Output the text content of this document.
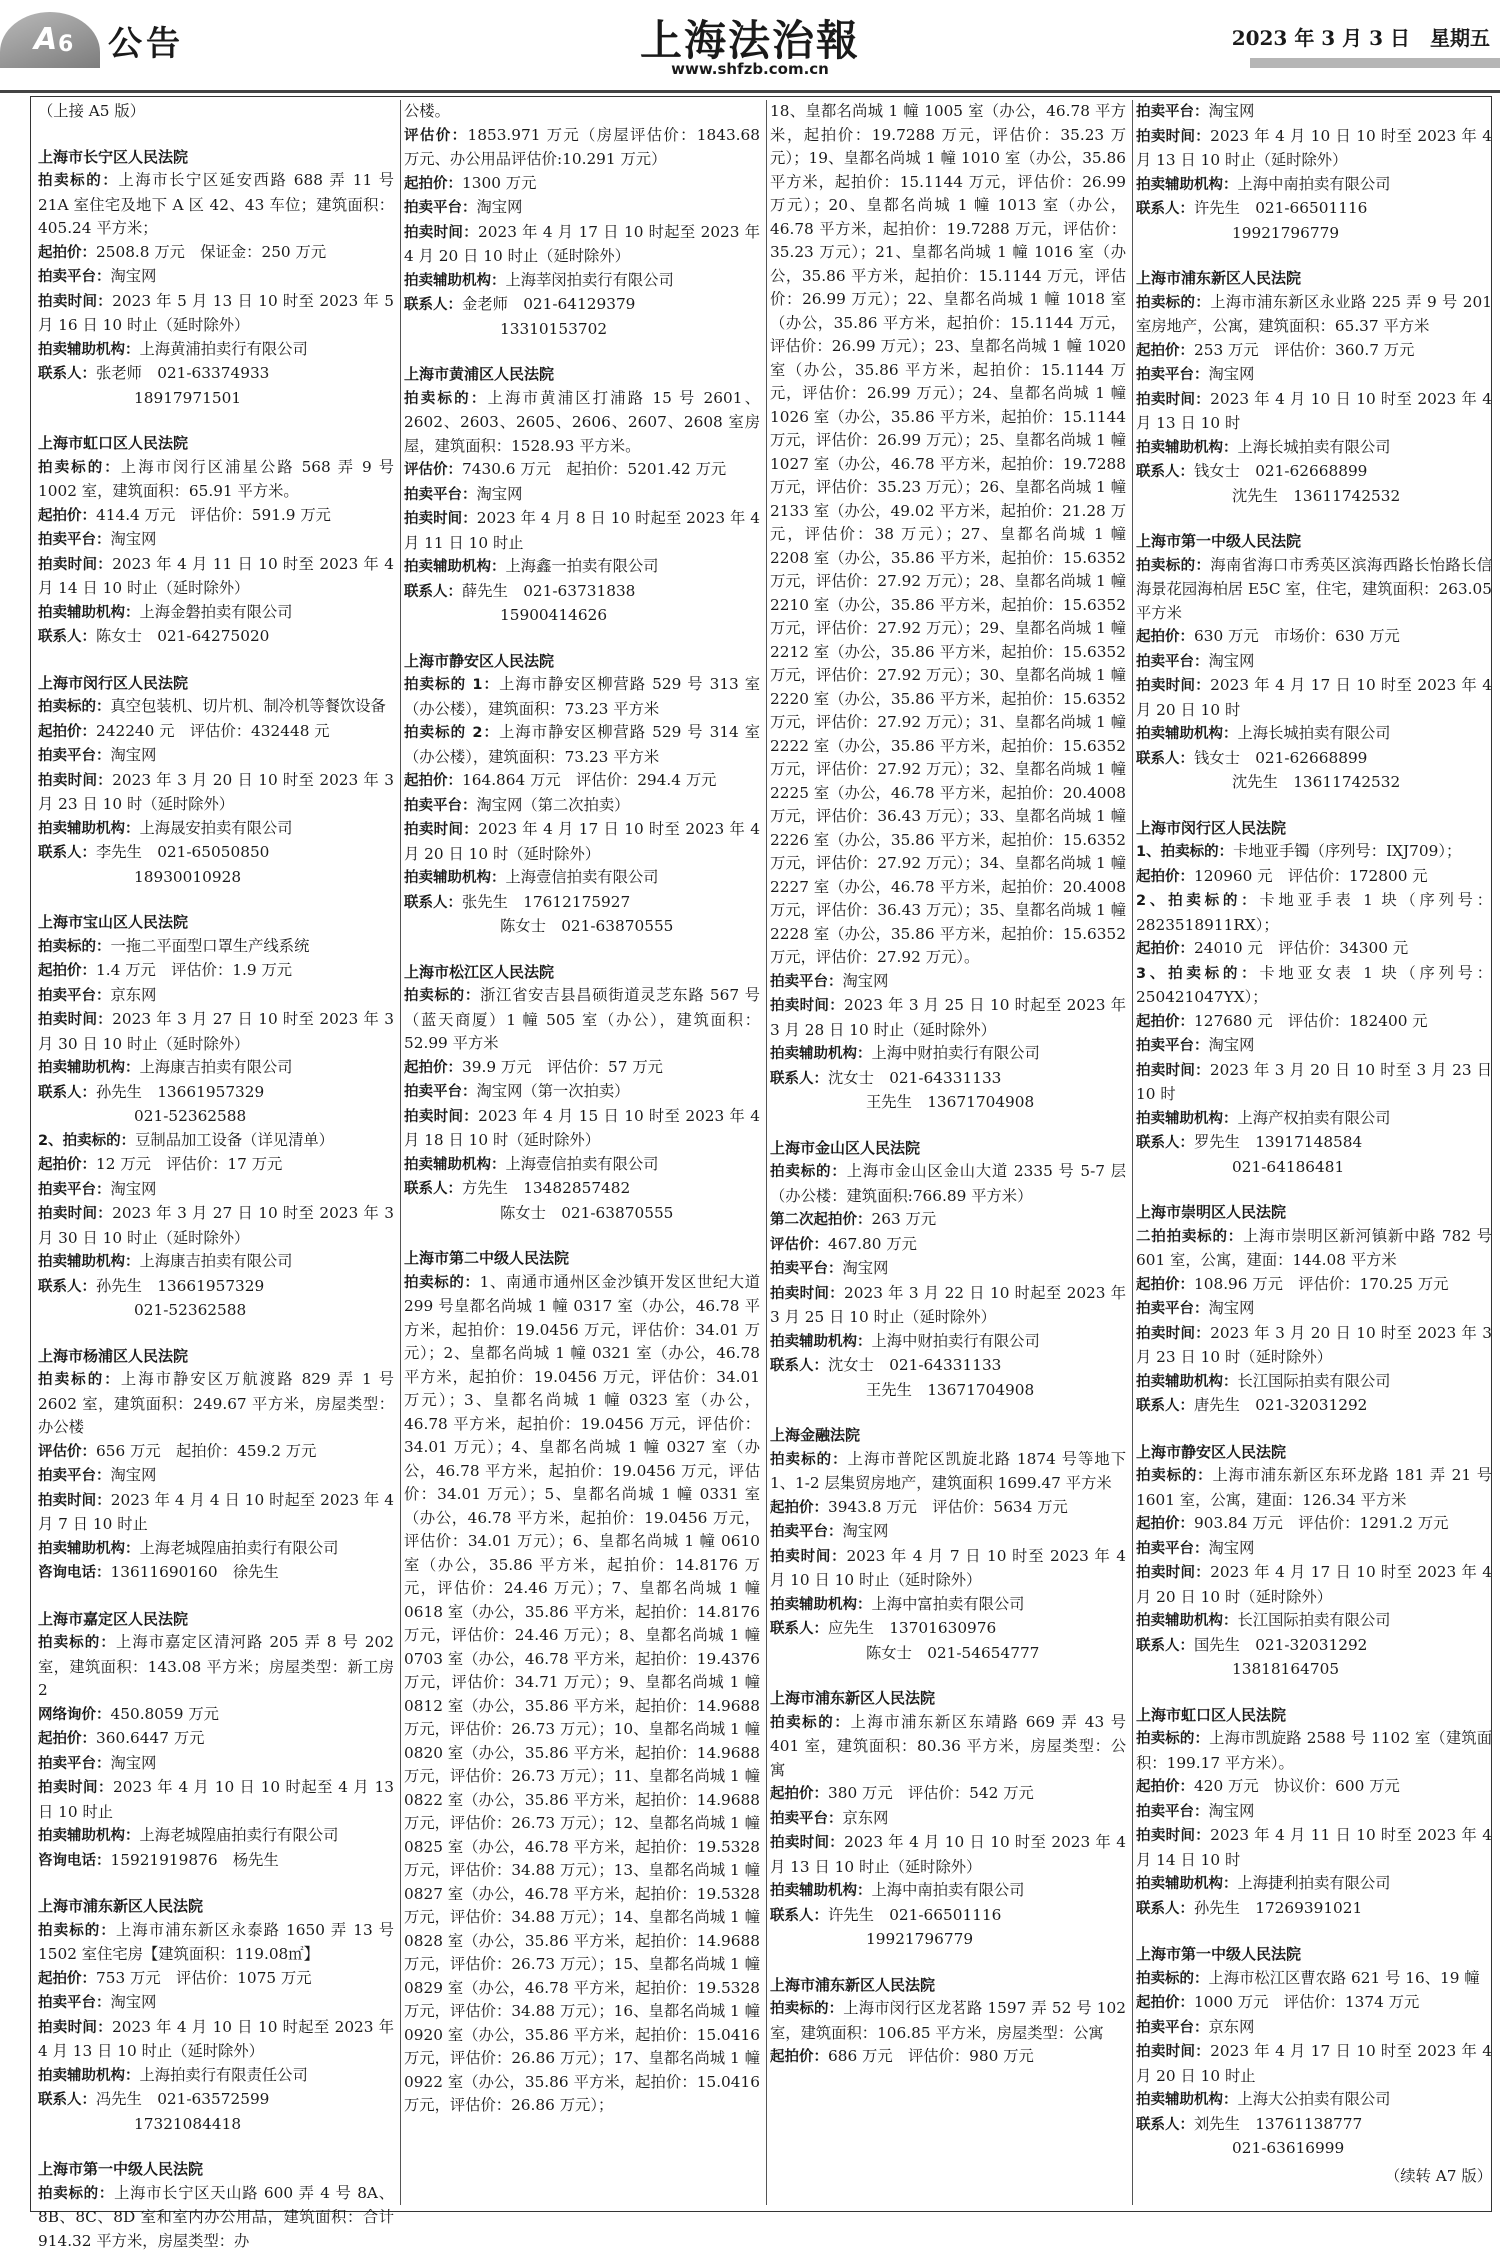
A 6 公告	上海法治報
www.shfzb.com.cn
2023 年 3 月 3 日　星期五

（上接 A5 版）

上海市长宁区人民法院

拍卖标的：上海市长宁区延安西路 688 弄 11 号 21A 室住宅及地下 A 区 42、43 车位；建筑面积：405.24 平方米；

起拍价：2508.8 万元　保证金：250 万元

拍卖平台：淘宝网

拍卖时间：2023 年 5 月 13 日 10 时至 2023 年 5 月 16 日 10 时止（延时除外）

拍卖辅助机构：上海黄浦拍卖行有限公司

联系人：张老师　021-63374933

18917971501

上海市虹口区人民法院

拍卖标的：上海市闵行区浦星公路 568 弄 9 号 1002 室，建筑面积：65.91 平方米。

起拍价：414.4 万元　评估价：591.9 万元

拍卖平台：淘宝网

拍卖时间：2023 年 4 月 11 日 10 时至 2023 年 4 月 14 日 10 时止（延时除外）

拍卖辅助机构：上海金磐拍卖有限公司

联系人：陈女士　021-64275020

上海市闵行区人民法院

拍卖标的：真空包装机、切片机、制冷机等餐饮设备

起拍价：242240 元　评估价：432448 元

拍卖平台：淘宝网

拍卖时间：2023 年 3 月 20 日 10 时至 2023 年 3 月 23 日 10 时（延时除外）

拍卖辅助机构：上海晟安拍卖有限公司

联系人：李先生　021-65050850

18930010928

上海市宝山区人民法院

拍卖标的：一拖二平面型口罩生产线系统

起拍价：1.4 万元　评估价：1.9 万元

拍卖平台：京东网

拍卖时间：2023 年 3 月 27 日 10 时至 2023 年 3 月 30 日 10 时止（延时除外）

拍卖辅助机构：上海康吉拍卖有限公司

联系人：孙先生　13661957329

021-52362588

2、拍卖标的：豆制品加工设备（详见清单）

起拍价：12 万元　评估价：17 万元

拍卖平台：淘宝网

拍卖时间：2023 年 3 月 27 日 10 时至 2023 年 3 月 30 日 10 时止（延时除外）

拍卖辅助机构：上海康吉拍卖有限公司

联系人：孙先生　13661957329

021-52362588

上海市杨浦区人民法院

拍卖标的：上海市静安区万航渡路 829 弄 1 号 2602 室，建筑面积：249.67 平方米，房屋类型：办公楼

评估价：656 万元　起拍价：459.2 万元

拍卖平台：淘宝网

拍卖时间：2023 年 4 月 4 日 10 时起至 2023 年 4 月 7 日 10 时止

拍卖辅助机构：上海老城隍庙拍卖行有限公司

咨询电话：13611690160　徐先生

上海市嘉定区人民法院

拍卖标的：上海市嘉定区清河路 205 弄 8 号 202 室，建筑面积：143.08 平方米；房屋类型：新工房 2

网络询价：450.8059 万元

起拍价：360.6447 万元

拍卖平台：淘宝网

拍卖时间：2023 年 4 月 10 日 10 时起至 4 月 13 日 10 时止

拍卖辅助机构：上海老城隍庙拍卖行有限公司

咨询电话：15921919876　杨先生

上海市浦东新区人民法院

拍卖标的：上海市浦东新区永泰路 1650 弄 13 号 1502 室住宅房【建筑面积：119.08㎡】

起拍价：753 万元　评估价：1075 万元

拍卖平台：淘宝网

拍卖时间：2023 年 4 月 10 日 10 时起至 2023 年 4 月 13 日 10 时止（延时除外）

拍卖辅助机构：上海拍卖行有限责任公司

联系人：冯先生　021-63572599

17321084418

上海市第一中级人民法院

拍卖标的：上海市长宁区天山路 600 弄 4 号 8A、8B、8C、8D 室和室内办公用品，建筑面积：合计 914.32 平方米，房屋类型：办

公楼。

评估价：1853.971 万元（房屋评估价：1843.68 万元、办公用品评估价:10.291 万元）

起拍价：1300 万元

拍卖平台：淘宝网

拍卖时间：2023 年 4 月 17 日 10 时起至 2023 年 4 月 20 日 10 时止（延时除外）

拍卖辅助机构：上海莘闵拍卖行有限公司

联系人：金老师　021-64129379

13310153702

上海市黄浦区人民法院

拍卖标的：上海市黄浦区打浦路 15 号 2601、2602、2603、2605、2606、2607、2608 室房屋，建筑面积：1528.93 平方米。

评估价：7430.6 万元　起拍价：5201.42 万元

拍卖平台：淘宝网

拍卖时间：2023 年 4 月 8 日 10 时起至 2023 年 4 月 11 日 10 时止

拍卖辅助机构：上海鑫一拍卖有限公司

联系人：薛先生　021-63731838

15900414626

上海市静安区人民法院

拍卖标的 1：上海市静安区柳营路 529 号 313 室（办公楼），建筑面积：73.23 平方米

拍卖标的 2：上海市静安区柳营路 529 号 314 室（办公楼），建筑面积：73.23 平方米

起拍价：164.864 万元　评估价：294.4 万元

拍卖平台：淘宝网（第二次拍卖）

拍卖时间：2023 年 4 月 17 日 10 时至 2023 年 4 月 20 日 10 时（延时除外）

拍卖辅助机构：上海壹信拍卖有限公司

联系人：张先生　17612175927

陈女士　021-63870555

上海市松江区人民法院

拍卖标的：浙江省安吉县昌硕街道灵芝东路 567 号（蓝天商厦）1 幢 505 室（办公），建筑面积：52.99 平方米

起拍价：39.9 万元　评估价：57 万元

拍卖平台：淘宝网（第一次拍卖）

拍卖时间：2023 年 4 月 15 日 10 时至 2023 年 4 月 18 日 10 时（延时除外）

拍卖辅助机构：上海壹信拍卖有限公司

联系人：方先生　13482857482

陈女士　021-63870555

上海市第二中级人民法院

拍卖标的：1、南通市通州区金沙镇开发区世纪大道 299 号皇都名尚城 1 幢 0317 室（办公，46.78 平方米，起拍价：19.0456 万元，评估价：34.01 万元）；2、皇都名尚城 1 幢 0321 室（办公，46.78 平方米，起拍价：19.0456 万元，评估价：34.01 万元）；3、皇都名尚城 1 幢 0323 室（办公，46.78 平方米，起拍价：19.0456 万元，评估价：34.01 万元）；4、皇都名尚城 1 幢 0327 室（办公，46.78 平方米，起拍价：19.0456 万元，评估价：34.01 万元）；5、皇都名尚城 1 幢 0331 室（办公，46.78 平方米，起拍价：19.0456 万元，评估价：34.01 万元）；6、皇都名尚城 1 幢 0610 室（办公，35.86 平方米，起拍价：14.8176 万元，评估价：24.46 万元）；7、皇都名尚城 1 幢 0618 室（办公，35.86 平方米，起拍价：14.8176 万元，评估价：24.46 万元）；8、皇都名尚城 1 幢 0703 室（办公，46.78 平方米，起拍价：19.4376 万元，评估价：34.71 万元）；9、皇都名尚城 1 幢 0812 室（办公，35.86 平方米，起拍价：14.9688 万元，评估价：26.73 万元）；10、皇都名尚城 1 幢 0820 室（办公，35.86 平方米，起拍价：14.9688 万元，评估价：26.73 万元）；11、皇都名尚城 1 幢 0822 室（办公，35.86 平方米，起拍价：14.9688 万元，评估价：26.73 万元）；12、皇都名尚城 1 幢 0825 室（办公，46.78 平方米，起拍价：19.5328 万元，评估价：34.88 万元）；13、皇都名尚城 1 幢 0827 室（办公，46.78 平方米，起拍价：19.5328 万元，评估价：34.88 万元）；14、皇都名尚城 1 幢 0828 室（办公，35.86 平方米，起拍价：14.9688 万元，评估价：26.73 万元）；15、皇都名尚城 1 幢 0829 室（办公，46.78 平方米，起拍价：19.5328 万元，评估价：34.88 万元）；16、皇都名尚城 1 幢 0920 室（办公，35.86 平方米，起拍价：15.0416 万元，评估价：26.86 万元）；17、皇都名尚城 1 幢 0922 室（办公，35.86 平方米，起拍价：15.0416 万元，评估价：26.86 万元）；

18、皇都名尚城 1 幢 1005 室（办公，46.78 平方米，起拍价：19.7288 万元，评估价：35.23 万元）；19、皇都名尚城 1 幢 1010 室（办公，35.86 平方米，起拍价：15.1144 万元，评估价：26.99 万元）；20、皇都名尚城 1 幢 1013 室（办公，46.78 平方米，起拍价：19.7288 万元，评估价：35.23 万元）；21、皇都名尚城 1 幢 1016 室（办公，35.86 平方米，起拍价：15.1144 万元，评估价：26.99 万元）；22、皇都名尚城 1 幢 1018 室（办公，35.86 平方米，起拍价：15.1144 万元，评估价：26.99 万元）；23、皇都名尚城 1 幢 1020 室（办公，35.86 平方米，起拍价：15.1144 万元，评估价：26.99 万元）；24、皇都名尚城 1 幢 1026 室（办公，35.86 平方米，起拍价：15.1144 万元，评估价：26.99 万元）；25、皇都名尚城 1 幢 1027 室（办公，46.78 平方米，起拍价：19.7288 万元，评估价：35.23 万元）；26、皇都名尚城 1 幢 2133 室（办公，49.02 平方米，起拍价：21.28 万元，评估价：38 万元）；27、皇都名尚城 1 幢 2208 室（办公，35.86 平方米，起拍价：15.6352 万元，评估价：27.92 万元）；28、皇都名尚城 1 幢 2210 室（办公，35.86 平方米，起拍价：15.6352 万元，评估价：27.92 万元）；29、皇都名尚城 1 幢 2212 室（办公，35.86 平方米，起拍价：15.6352 万元，评估价：27.92 万元）；30、皇都名尚城 1 幢 2220 室（办公，35.86 平方米，起拍价：15.6352 万元，评估价：27.92 万元）；31、皇都名尚城 1 幢 2222 室（办公，35.86 平方米，起拍价：15.6352 万元，评估价：27.92 万元）；32、皇都名尚城 1 幢 2225 室（办公，46.78 平方米，起拍价：20.4008 万元，评估价：36.43 万元）；33、皇都名尚城 1 幢 2226 室（办公，35.86 平方米，起拍价：15.6352 万元，评估价：27.92 万元）；34、皇都名尚城 1 幢 2227 室（办公，46.78 平方米，起拍价：20.4008 万元，评估价：36.43 万元）；35、皇都名尚城 1 幢 2228 室（办公，35.86 平方米，起拍价：15.6352 万元，评估价：27.92 万元）。

拍卖平台：淘宝网

拍卖时间：2023 年 3 月 25 日 10 时起至 2023 年 3 月 28 日 10 时止（延时除外）

拍卖辅助机构：上海中财拍卖行有限公司

联系人：沈女士　021-64331133

王先生　13671704908

上海市金山区人民法院

拍卖标的：上海市金山区金山大道 2335 号 5-7 层（办公楼：建筑面积:766.89 平方米）

第二次起拍价：263 万元

评估价：467.80 万元

拍卖平台：淘宝网

拍卖时间：2023 年 3 月 22 日 10 时起至 2023 年 3 月 25 日 10 时止（延时除外）

拍卖辅助机构：上海中财拍卖行有限公司

联系人：沈女士　021-64331133

王先生　13671704908

上海金融法院

拍卖标的：上海市普陀区凯旋北路 1874 号等地下 1、1-2 层集贸房地产，建筑面积 1699.47 平方米

起拍价：3943.8 万元　评估价：5634 万元

拍卖平台：淘宝网

拍卖时间：2023 年 4 月 7 日 10 时至 2023 年 4 月 10 日 10 时止（延时除外）

拍卖辅助机构：上海中富拍卖有限公司

联系人：应先生　13701630976

陈女士　021-54654777

上海市浦东新区人民法院

拍卖标的：上海市浦东新区东靖路 669 弄 43 号 401 室，建筑面积：80.36 平方米，房屋类型：公寓

起拍价：380 万元　评估价：542 万元

拍卖平台：京东网

拍卖时间：2023 年 4 月 10 日 10 时至 2023 年 4 月 13 日 10 时止（延时除外）

拍卖辅助机构：上海中南拍卖有限公司

联系人：许先生　021-66501116

19921796779

上海市浦东新区人民法院

拍卖标的：上海市闵行区龙茗路 1597 弄 52 号 102 室，建筑面积：106.85 平方米，房屋类型：公寓

起拍价：686 万元　评估价：980 万元

拍卖平台：淘宝网

拍卖时间：2023 年 4 月 10 日 10 时至 2023 年 4 月 13 日 10 时止（延时除外）

拍卖辅助机构：上海中南拍卖有限公司

联系人：许先生　021-66501116

19921796779

上海市浦东新区人民法院

拍卖标的：上海市浦东新区永业路 225 弄 9 号 201 室房地产，公寓，建筑面积：65.37 平方米

起拍价：253 万元　评估价：360.7 万元

拍卖平台：淘宝网

拍卖时间：2023 年 4 月 10 日 10 时至 2023 年 4 月 13 日 10 时

拍卖辅助机构：上海长城拍卖有限公司

联系人：钱女士　021-62668899

沈先生　13611742532

上海市第一中级人民法院

拍卖标的：海南省海口市秀英区滨海西路长怡路长信海景花园海柏居 E5C 室，住宅，建筑面积：263.05 平方米

起拍价：630 万元　市场价：630 万元

拍卖平台：淘宝网

拍卖时间：2023 年 4 月 17 日 10 时至 2023 年 4 月 20 日 10 时

拍卖辅助机构：上海长城拍卖有限公司

联系人：钱女士　021-62668899

沈先生　13611742532

上海市闵行区人民法院

1、拍卖标的：卡地亚手镯（序列号：IXJ709）；

起拍价：120960 元　评估价：172800 元

2、拍卖标的：卡地亚手表 1 块（序列号：2823518911RX）；

起拍价：24010 元　评估价：34300 元

3、拍卖标的：卡地亚女表 1 块（序列号：250421047YX）；

起拍价：127680 元　评估价：182400 元

拍卖平台：淘宝网

拍卖时间：2023 年 3 月 20 日 10 时至 3 月 23 日 10 时

拍卖辅助机构：上海产权拍卖有限公司

联系人：罗先生　13917148584

021-64186481

上海市崇明区人民法院

二拍拍卖标的：上海市崇明区新河镇新中路 782 号 601 室，公寓，建面：144.08 平方米

起拍价：108.96 万元　评估价：170.25 万元

拍卖平台：淘宝网

拍卖时间：2023 年 3 月 20 日 10 时至 2023 年 3 月 23 日 10 时（延时除外）

拍卖辅助机构：长江国际拍卖有限公司

联系人：唐先生　021-32031292

上海市静安区人民法院

拍卖标的：上海市浦东新区东环龙路 181 弄 21 号 1601 室，公寓，建面：126.34 平方米

起拍价：903.84 万元　评估价：1291.2 万元

拍卖平台：淘宝网

拍卖时间：2023 年 4 月 17 日 10 时至 2023 年 4 月 20 日 10 时（延时除外）

拍卖辅助机构：长江国际拍卖有限公司

联系人：国先生　021-32031292

13818164705

上海市虹口区人民法院

拍卖标的：上海市凯旋路 2588 号 1102 室（建筑面积：199.17 平方米）。

起拍价：420 万元　协议价：600 万元

拍卖平台：淘宝网

拍卖时间：2023 年 4 月 11 日 10 时至 2023 年 4 月 14 日 10 时

拍卖辅助机构：上海捷利拍卖有限公司

联系人：孙先生　17269391021

上海市第一中级人民法院

拍卖标的：上海市松江区曹农路 621 号 16、19 幢

起拍价：1000 万元　评估价：1374 万元

拍卖平台：京东网

拍卖时间：2023 年 4 月 17 日 10 时至 2023 年 4 月 20 日 10 时止

拍卖辅助机构：上海大公拍卖有限公司

联系人：刘先生　13761138777

021-63616999

（续转 A7 版）
